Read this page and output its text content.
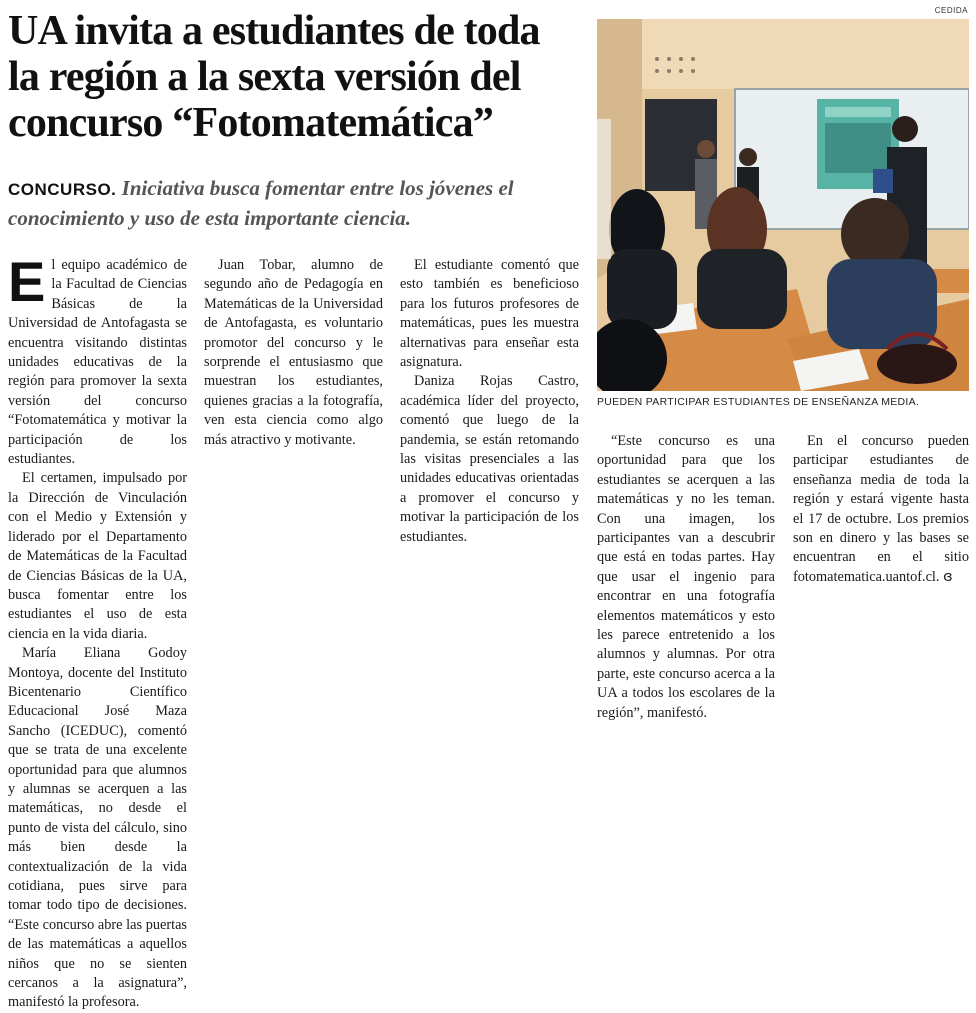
CEDIDA
UA invita a estudiantes de toda
la región a la sexta versión del
concurso “Fotomatemática”
CONCURSO. Iniciativa busca fomentar entre los jóvenes el conocimiento y uso de esta importante ciencia.

El equipo académico de la Facultad de Ciencias Básicas de la Universidad de Antofagasta se encuentra visitando distintas unidades educativas de la región para promover la sexta versión del concurso “Fotomatemática y motivar la participación de los estudiantes.

El certamen, impulsado por la Dirección de Vinculación con el Medio y Extensión y liderado por el Departamento de Matemáticas de la Facultad de Ciencias Básicas de la UA, busca fomentar entre los estudiantes el uso de esta ciencia en la vida diaria.

María Eliana Godoy Montoya, docente del Instituto Bicentenario Científico Educacional José Maza Sancho (ICEDUC), comentó que se trata de una excelente oportunidad para que alumnos y alumnas se acerquen a las matemáticas, no desde el punto de vista del cálculo, sino más bien desde la contextualización de la vida cotidiana, pues sirve para tomar todo tipo de decisiones. “Este concurso abre las puertas de las matemáticas a aquellos niños que no se sienten cercanos a la asignatura”, manifestó la profesora.

Juan Tobar, alumno de segundo año de Pedagogía en Matemáticas de la Universidad de Antofagasta, es voluntario promotor del concurso y le sorprende el entusiasmo que muestran los estudiantes, quienes gracias a la fotografía, ven esta ciencia como algo más atractivo y motivante.

El estudiante comentó que esto también es beneficioso para los futuros profesores de matemáticas, pues les muestra alternativas para enseñar esta asignatura.

Daniza Rojas Castro, académica líder del proyecto, comentó que luego de la pandemia, se están retomando las visitas presenciales a las unidades educativas orientadas a promover el concurso y motivar la participación de los estudiantes.

“Este concurso es una oportunidad para que los estudiantes se acerquen a las matemáticas y no les teman. Con una imagen, los participantes van a descubrir que está en todas partes. Hay que usar el ingenio para encontrar en una fotografía elementos matemáticos y esto les parece entretenido a los alumnos y alumnas. Por otra parte, este concurso acerca a la UA a todos los escolares de la región”, manifestó.

En el concurso pueden participar estudiantes de enseñanza media de toda la región y estará vigente hasta el 17 de octubre. Los premios son en dinero y las bases se encuentran en el sitio fotomatematica.uantof.cl. ɞ

PUEDEN PARTICIPAR ESTUDIANTES DE ENSEÑANZA MEDIA.
